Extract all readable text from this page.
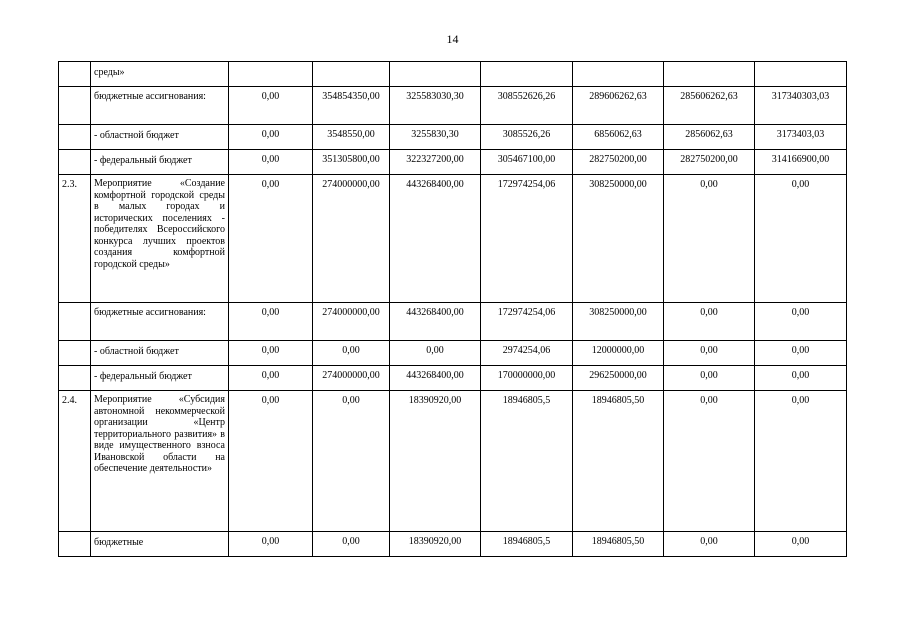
14
	среды»							
	бюджетные ассигнования:	0,00	354854350,00	325583030,30	308552626,26	289606262,63	285606262,63	317340303,03
	- областной бюджет	0,00	3548550,00	3255830,30	3085526,26	6856062,63	2856062,63	3173403,03
	- федеральный бюджет	0,00	351305800,00	322327200,00	305467100,00	282750200,00	282750200,00	314166900,00
2.3.	Мероприятие «Создание комфортной городской среды в малых городах и исторических поселениях - победителях Всероссийского конкурса лучших проектов создания комфортной городской среды»	0,00	274000000,00	443268400,00	172974254,06	308250000,00	0,00	0,00
	бюджетные ассигнования:	0,00	274000000,00	443268400,00	172974254,06	308250000,00	0,00	0,00
	- областной бюджет	0,00	0,00	0,00	2974254,06	12000000,00	0,00	0,00
	- федеральный бюджет	0,00	274000000,00	443268400,00	170000000,00	296250000,00	0,00	0,00
2.4.	Мероприятие «Субсидия автономной некоммерческой организации «Центр территориального развития» в виде имущественного взноса Ивановской области на обеспечение деятельности»	0,00	0,00	18390920,00	18946805,5	18946805,50	0,00	0,00
	бюджетные	0,00	0,00	18390920,00	18946805,5	18946805,50	0,00	0,00
